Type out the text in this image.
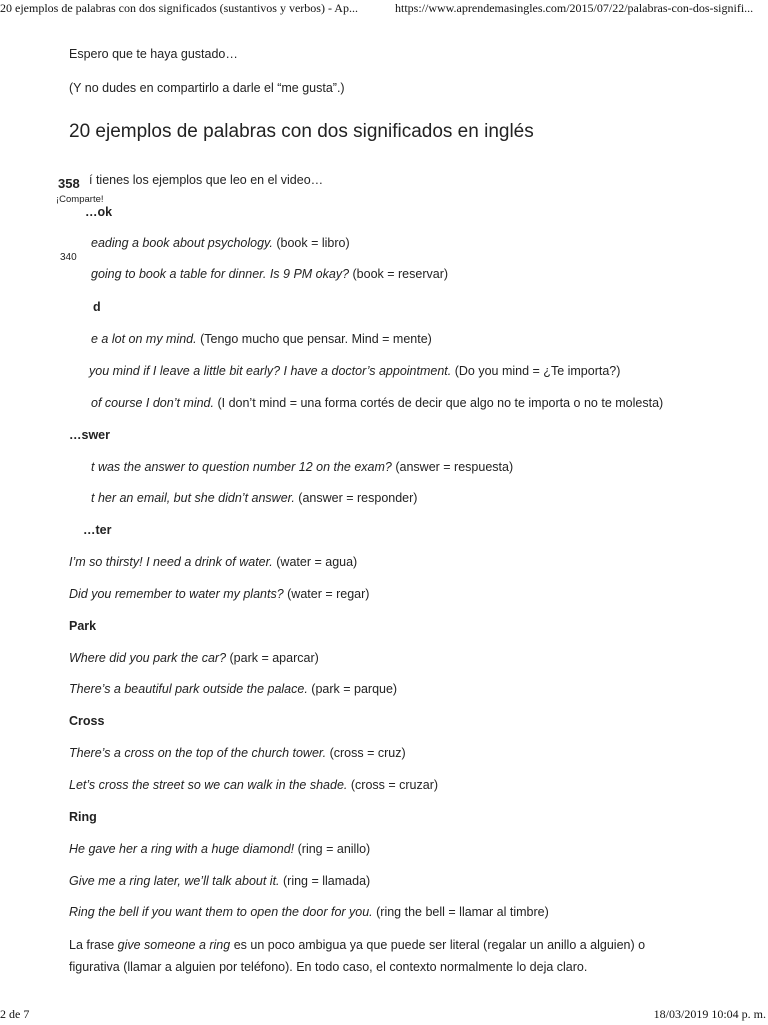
20 ejemplos de palabras con dos significados (sustantivos y verbos) - Ap...	https://www.aprendemasingles.com/2015/07/22/palabras-con-dos-signifi...

Espero que te haya gustado…

(Y no dudes en compartirlo a darle el “me gusta”.)

20 ejemplos de palabras con dos significados en inglés

í tienes los ejemplos que leo en el video…

…ok

eading a book about psychology. (book = libro)

going to book a table for dinner. Is 9 PM okay? (book = reservar)

d

e a lot on my mind. (Tengo mucho que pensar. Mind = mente)

you mind if I leave a little bit early? I have a doctor’s appointment. (Do you mind = ¿Te importa?)

of course I don’t mind. (I don’t mind = una forma cortés de decir que algo no te importa o no te molesta)

…swer

t was the answer to question number 12 on the exam? (answer = respuesta)

t her an email, but she didn’t answer. (answer = responder)

…ter

I’m so thirsty! I need a drink of water. (water = agua)

Did you remember to water my plants? (water = regar)

Park

Where did you park the car? (park = aparcar)

There’s a beautiful park outside the palace. (park = parque)

Cross

There’s a cross on the top of the church tower. (cross = cruz)

Let’s cross the street so we can walk in the shade. (cross = cruzar)

Ring

He gave her a ring with a huge diamond! (ring = anillo)

Give me a ring later, we’ll talk about it. (ring = llamada)

Ring the bell if you want them to open the door for you. (ring the bell = llamar al timbre)

La frase give someone a ring es un poco ambigua ya que puede ser literal (regalar un anillo a alguien) o figurativa (llamar a alguien por teléfono). En todo caso, el contexto normalmente lo deja claro.

358
¡Comparte!
340
2 de 7	18/03/2019 10:04 p. m.
